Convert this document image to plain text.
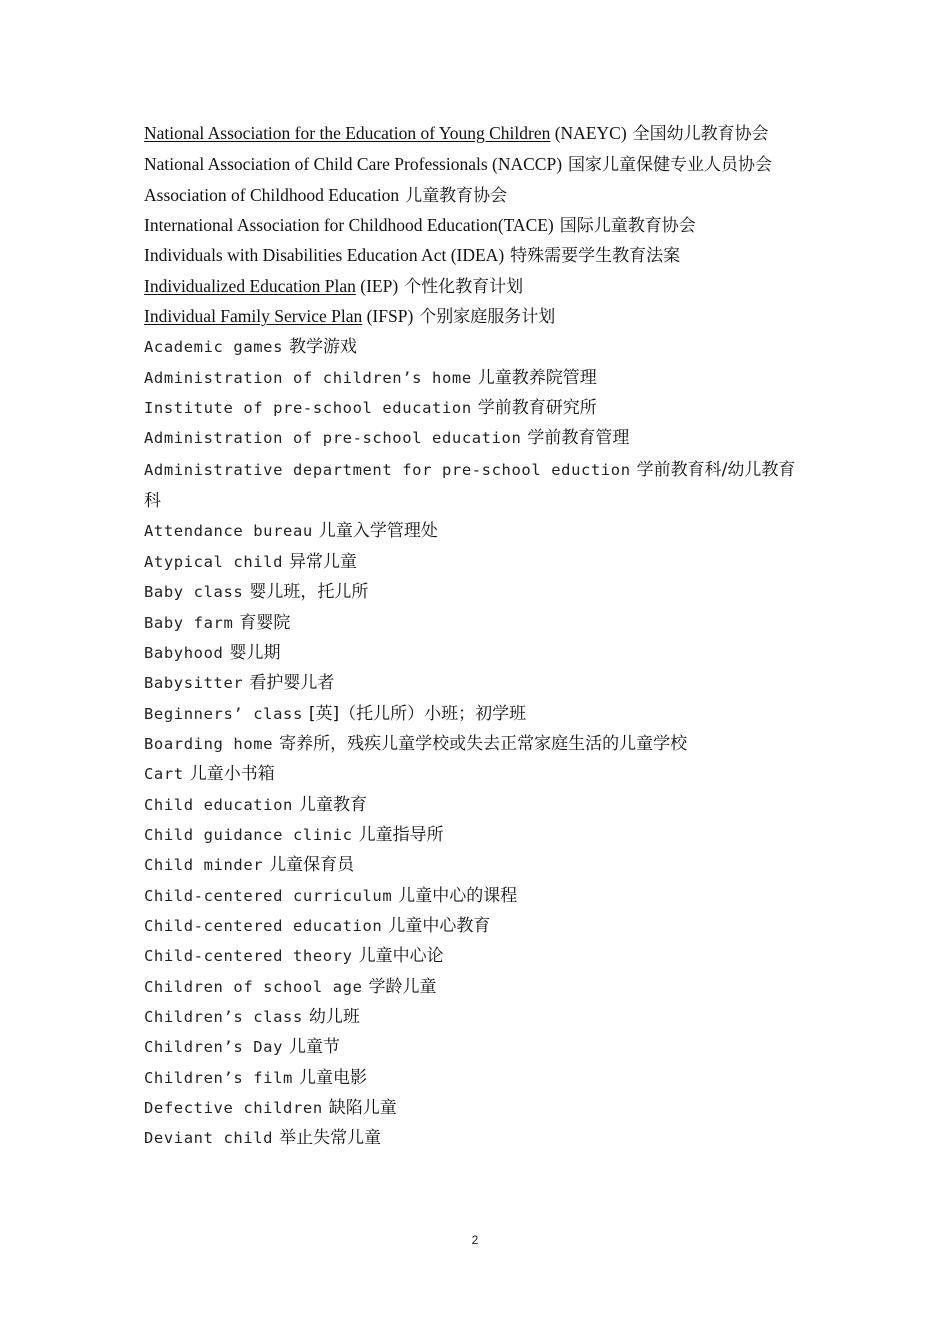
National Association for the Education of Young Children (NAEYC) 全国幼儿教育协会
National Association of Child Care Professionals (NACCP) 国家儿童保健专业人员协会
Association of Childhood Education 儿童教育协会
International Association for Childhood Education(TACE) 国际儿童教育协会
Individuals with Disabilities Education Act (IDEA) 特殊需要学生教育法案
Individualized Education Plan (IEP) 个性化教育计划
Individual Family Service Plan (IFSP) 个别家庭服务计划
Academic games 教学游戏
Administration of children’s home 儿童教养院管理
Institute of pre-school education 学前教育研究所
Administration of pre-school education 学前教育管理
Administrative department for pre-school eduction 学前教育科/幼儿教育科
Attendance bureau 儿童入学管理处
Atypical child 异常儿童
Baby class 婴儿班，托儿所
Baby farm 育婴院
Babyhood 婴儿期
Babysitter 看护婴儿者
Beginners’ class [英]（托儿所）小班；初学班
Boarding home 寄养所，残疾儿童学校或失去正常家庭生活的儿童学校
Cart 儿童小书箱
Child education 儿童教育
Child guidance clinic 儿童指导所
Child minder 儿童保育员
Child-centered curriculum 儿童中心的课程
Child-centered education 儿童中心教育
Child-centered theory 儿童中心论
Children of school age 学龄儿童
Children’s class 幼儿班
Children’s Day 儿童节
Children’s film 儿童电影
Defective children 缺陷儿童
Deviant child 举止失常儿童
2
